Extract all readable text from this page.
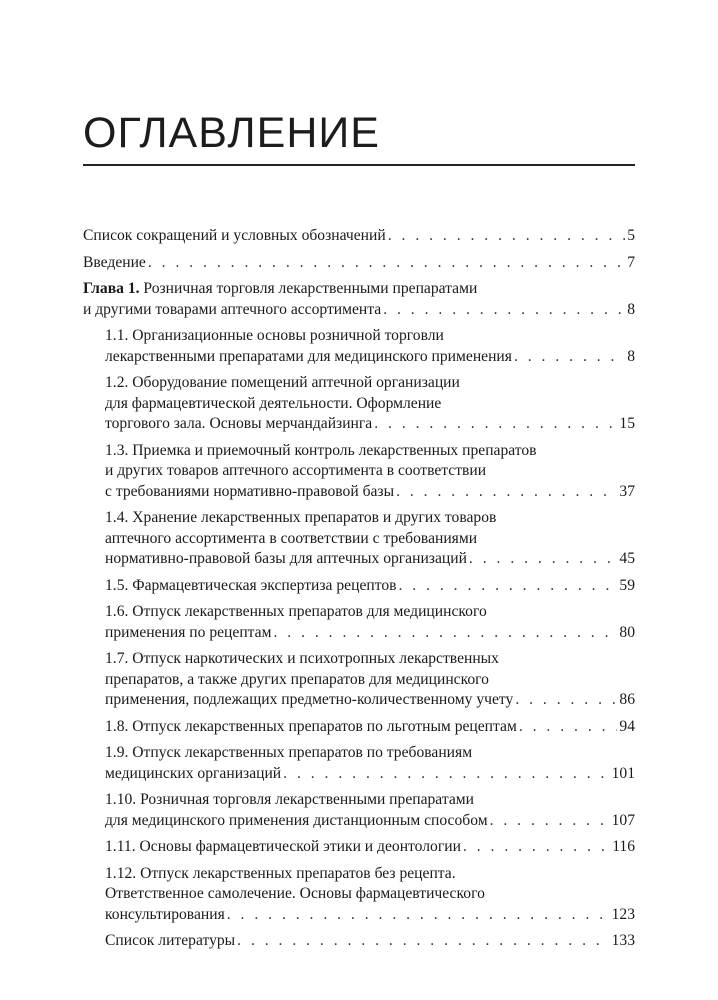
ОГЛАВЛЕНИЕ
Список сокращений и условных обозначений . . .	5
Введение . . .	7
Глава 1. Розничная торговля лекарственными препаратами
и другими товарами аптечного ассортимента . . .	8
1.1. Организационные основы розничной торговли
лекарственными препаратами для медицинского применения . . .	8
1.2. Оборудование помещений аптечной организации
для фармацевтической деятельности. Оформление
торгового зала. Основы мерчандайзинга . . .	15
1.3. Приемка и приемочный контроль лекарственных препаратов
и других товаров аптечного ассортимента в соответствии
с требованиями нормативно-правовой базы . . .	37
1.4. Хранение лекарственных препаратов и других товаров
аптечного ассортимента в соответствии с требованиями
нормативно-правовой базы для аптечных организаций . . .	45
1.5. Фармацевтическая экспертиза рецептов . . .	59
1.6. Отпуск лекарственных препаратов для медицинского
применения по рецептам . . .	80
1.7. Отпуск наркотических и психотропных лекарственных
препаратов, а также других препаратов для медицинского
применения, подлежащих предметно-количественному учету . . .	86
1.8. Отпуск лекарственных препаратов по льготным рецептам . . .	94
1.9. Отпуск лекарственных препаратов по требованиям
медицинских организаций . . .	101
1.10. Розничная торговля лекарственными препаратами
для медицинского применения дистанционным способом . . .	107
1.11. Основы фармацевтической этики и деонтологии . . .	116
1.12. Отпуск лекарственных препаратов без рецепта.
Ответственное самолечение. Основы фармацевтического
консультирования . . .	123
Список литературы . . .	133
